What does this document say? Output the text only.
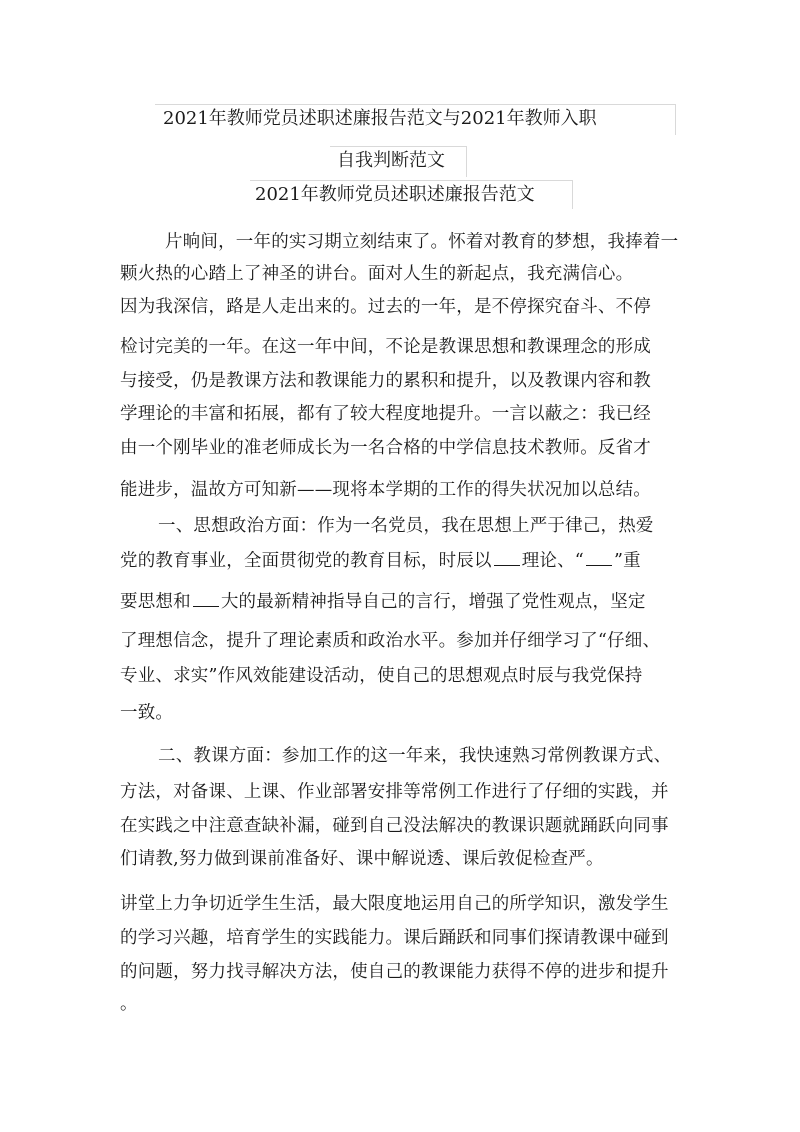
2021年教师党员述职述廉报告范文与2021年教师入职
自我判断范文
2021年教师党员述职述廉报告范文
片晌间，一年的实习期立刻结束了。怀着对教育的梦想，我捧着一
颗火热的心踏上了神圣的讲台。面对人生的新起点，我充满信心。
因为我深信，路是人走出来的。过去的一年，是不停探究奋斗、不停
检讨完美的一年。在这一年中间，不论是教课思想和教课理念的形成
与接受，仍是教课方法和教课能力的累积和提升，以及教课内容和教
学理论的丰富和拓展，都有了较大程度地提升。一言以蔽之：我已经
由一个刚毕业的准老师成长为一名合格的中学信息技术教师。反省才
能进步，温故方可知新——现将本学期的工作的得失状况加以总结。
一、思想政治方面：作为一名党员，我在思想上严于律己，热爱
党的教育事业，全面贯彻党的教育目标，时辰以 理论、“ ”重
要思想和 大的最新精神指导自己的言行，增强了党性观点，坚定
了理想信念，提升了理论素质和政治水平。参加并仔细学习了“仔细、
专业、求实”作风效能建设活动，使自己的思想观点时辰与我党保持
一致。
二、教课方面：参加工作的这一年来，我快速熟习常例教课方式、
方法，对备课、上课、作业部署安排等常例工作进行了仔细的实践，并
在实践之中注意查缺补漏，碰到自己没法解决的教课识题就踊跃向同事
们请教,努力做到课前准备好、课中解说透、课后敦促检查严。
讲堂上力争切近学生生活，最大限度地运用自己的所学知识，激发学生
的学习兴趣，培育学生的实践能力。课后踊跃和同事们探请教课中碰到
的问题，努力找寻解决方法，使自己的教课能力获得不停的进步和提升
。
